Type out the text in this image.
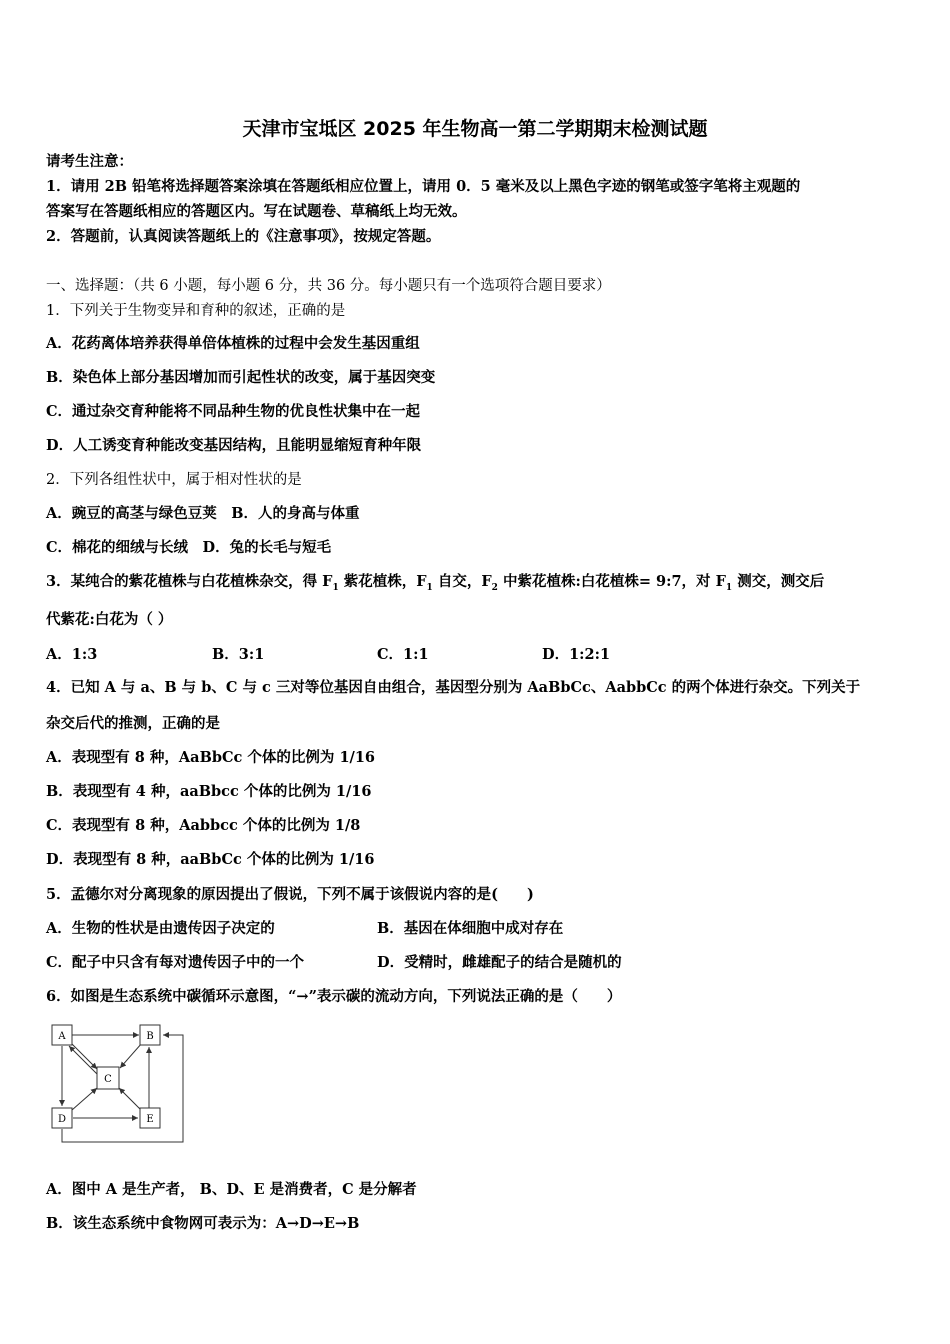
天津市宝坻区 2025 年生物高一第二学期期末检测试题
请考生注意：
1．请用 2B 铅笔将选择题答案涂填在答题纸相应位置上，请用 0．5 毫米及以上黑色字迹的钢笔或签字笔将主观题的
答案写在答题纸相应的答题区内。写在试题卷、草稿纸上均无效。
2．答题前，认真阅读答题纸上的《注意事项》，按规定答题。
一、选择题：（共 6 小题，每小题 6 分，共 36 分。每小题只有一个选项符合题目要求）
1．下列关于生物变异和育种的叙述，正确的是
A．花药离体培养获得单倍体植株的过程中会发生基因重组
B．染色体上部分基因增加而引起性状的改变，属于基因突变
C．通过杂交育种能将不同品种生物的优良性状集中在一起
D．人工诱变育种能改变基因结构，且能明显缩短育种年限
2．下列各组性状中，属于相对性状的是
A．豌豆的高茎与绿色豆荚　B．人的身高与体重
C．棉花的细绒与长绒　D．兔的长毛与短毛
3．某纯合的紫花植株与白花植株杂交，得 $F_1$ 紫花植株，$F_1$ 自交，$F_2$ 中紫花植株:白花植株= 9:7，对 $F_1$ 测交，测交后
代紫花:白花为（ ）
A．1:3	B．3:1	C．1:1	D．1:2:1
4．已知 A 与 a、B 与 b、C 与 c 三对等位基因自由组合，基因型分别为 AaBbCc、AabbCc 的两个体进行杂交。下列关于
杂交后代的推测，正确的是
A．表现型有 8 种，AaBbCc 个体的比例为 1/16
B．表现型有 4 种，aaBbcc 个体的比例为 1/16
C．表现型有 8 种，Aabbcc 个体的比例为 1/8
D．表现型有 8 种，aaBbCc 个体的比例为 1/16
5．孟德尔对分离现象的原因提出了假说，下列不属于该假说内容的是(　　)
A．生物的性状是由遗传因子决定的	B．基因在体细胞中成对存在
C．配子中只含有每对遗传因子中的一个	D．受精时，雌雄配子的结合是随机的
6．如图是生态系统中碳循环示意图，“→”表示碳的流动方向，下列说法正确的是（　　）
A	B
C
D	E
A．图中 A 是生产者， B、D、E 是消费者，C 是分解者
B．该生态系统中食物网可表示为：A→D→E→B
